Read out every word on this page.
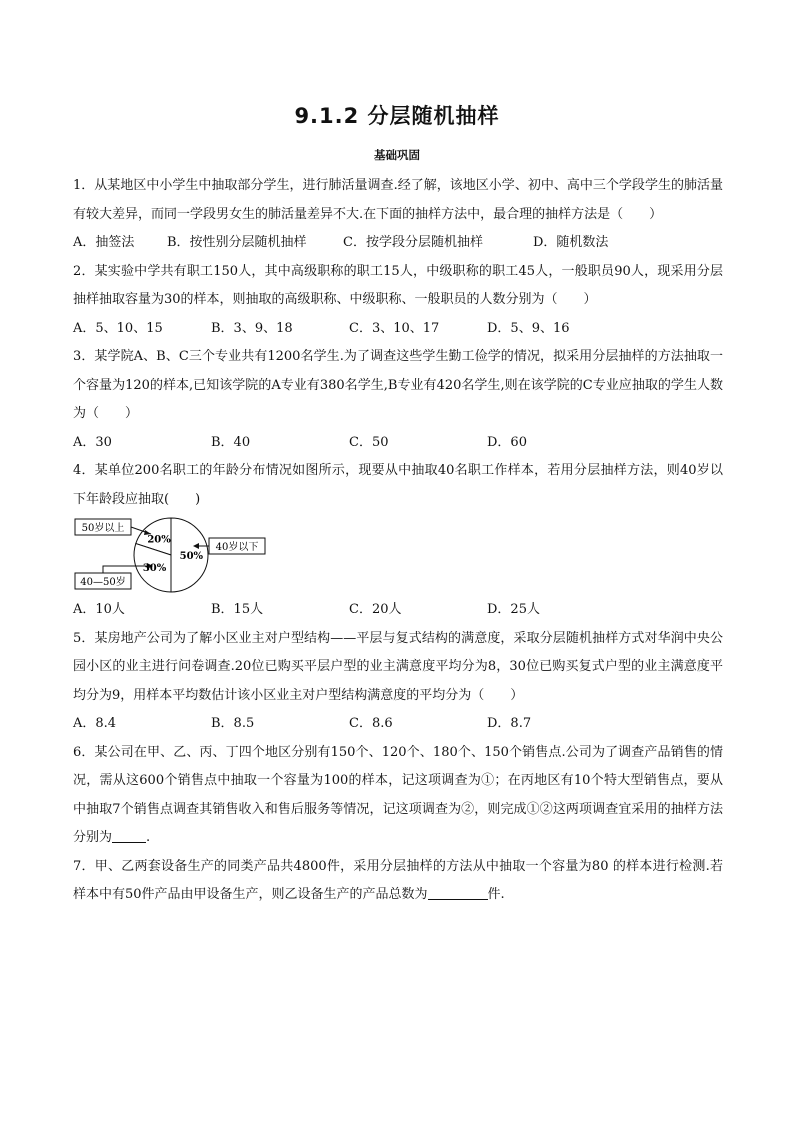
9.1.2 分层随机抽样
基础巩固

1．从某地区中小学生中抽取部分学生，进行肺活量调查.经了解，该地区小学、初中、高中三个学段学生的肺活量有较大差异，而同一学段男女生的肺活量差异不大.在下面的抽样方法中，最合理的抽样方法是（　　）

A．抽签法	B．按性别分层随机抽样	C．按学段分层随机抽样	D．随机数法

2．某实验中学共有职工150人，其中高级职称的职工15人，中级职称的职工45人，一般职员90人，现采用分层抽样抽取容量为30的样本，则抽取的高级职称、中级职称、一般职员的人数分别为（　　）

A．5、10、15	B．3、9、18	C．3、10、17	D．5、9、16

3．某学院A、B、C三个专业共有1200名学生.为了调查这些学生勤工俭学的情况，拟采用分层抽样的方法抽取一个容量为120的样本,已知该学院的A专业有380名学生,B专业有420名学生,则在该学院的C专业应抽取的学生人数为（　　）

A．30	B．40	C．50	D．60

4．某单位200名职工的年龄分布情况如图所示，现要从中抽取40名职工作样本，若用分层抽样方法，则40岁以下年龄段应抽取(　　)

50岁以上
40—50岁
40岁以下
20%
30%
50%
A．10人	B．15人	C．20人	D．25人

5．某房地产公司为了解小区业主对户型结构——平层与复式结构的满意度，采取分层随机抽样方式对华润中央公园小区的业主进行问卷调查.20位已购买平层户型的业主满意度平均分为8，30位已购买复式户型的业主满意度平均分为9，用样本平均数估计该小区业主对户型结构满意度的平均分为（　　）

A．8.4	B．8.5	C．8.6	D．8.7

6．某公司在甲、乙、丙、丁四个地区分别有150个、120个、180个、150个销售点.公司为了调查产品销售的情况，需从这600个销售点中抽取一个容量为100的样本，记这项调查为①；在丙地区有10个特大型销售点，要从中抽取7个销售点调查其销售收入和售后服务等情况，记这项调查为②，则完成①②这两项调查宜采用的抽样方法分别为	.

7．甲、乙两套设备生产的同类产品共4800件，采用分层抽样的方法从中抽取一个容量为80 的样本进行检测.若样本中有50件产品由甲设备生产，则乙设备生产的产品总数为	件.
